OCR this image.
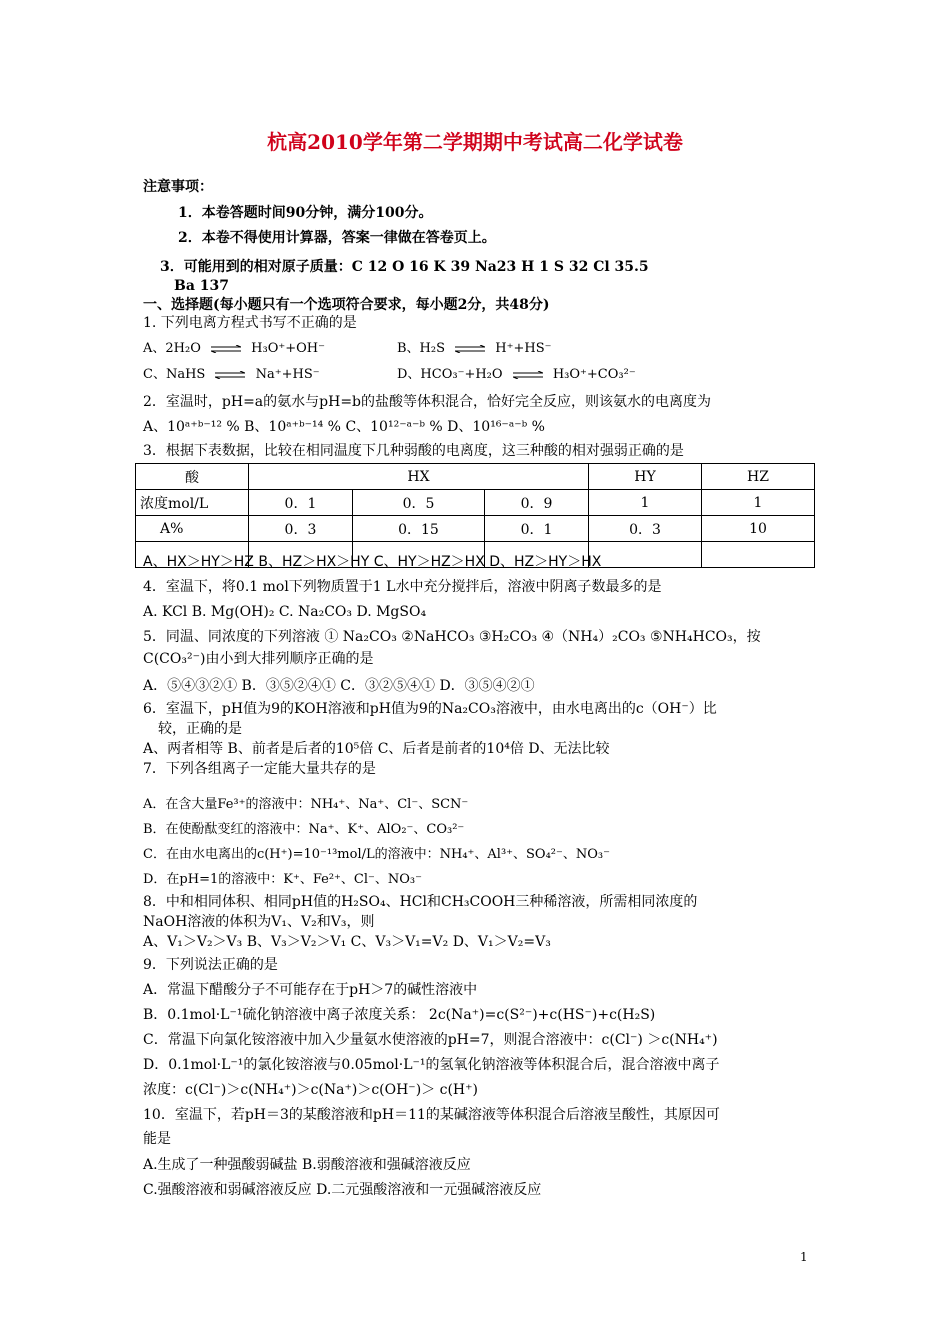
杭高2010学年第二学期期中考试高二化学试卷
注意事项：
1．本卷答题时间90分钟，满分100分。
2．本卷不得使用计算器，答案一律做在答卷页上。
3．可能用到的相对原子质量：C 12 O 16 K 39 Na23 H 1 S 32 Cl 35.5
Ba 137
一、选择题(每小题只有一个选项符合要求，每小题2分，共48分)
1. 下列电离方程式书写不正确的是
A、2H₂O ⇌ H₃O⁺+OH⁻	B、H₂S ⇌ H⁺+HS⁻
C、NaHS ⇌ Na⁺+HS⁻	D、HCO₃⁻+H₂O ⇌ H₃O⁺+CO₃²⁻
2．室温时，pH=a的氨水与pH=b的盐酸等体积混合，恰好完全反应，则该氨水的电离度为
A、10ᵃ⁺ᵇ⁻¹² % B、10ᵃ⁺ᵇ⁻¹⁴ % C、10¹²⁻ᵃ⁻ᵇ % D、10¹⁶⁻ᵃ⁻ᵇ %
3．根据下表数据，比较在相同温度下几种弱酸的电离度，这三种酸的相对强弱正确的是
酸	HX			HY	HZ
浓度mol/L	0．1	0．5	0．9	1	1
A%	0．3	0．15	0．1	0．3	10

A、HX＞HY＞HZ B、HZ＞HX＞HY C、HY＞HZ＞HX D、HZ＞HY＞HX
4．室温下，将0.1 mol下列物质置于1 L水中充分搅拌后，溶液中阴离子数最多的是
A. KCl B. Mg(OH)₂ C. Na₂CO₃ D. MgSO₄
5．同温、同浓度的下列溶液 ① Na₂CO₃ ②NaHCO₃ ③H₂CO₃ ④（NH₄）₂CO₃ ⑤NH₄HCO₃，按
C(CO₃²⁻)由小到大排列顺序正确的是
A．⑤④③②① B．③⑤②④① C．③②⑤④① D．③⑤④②①
6．室温下，pH值为9的KOH溶液和pH值为9的Na₂CO₃溶液中，由水电离出的c（OH⁻）比
较，正确的是
A、两者相等 B、前者是后者的10⁵倍 C、后者是前者的10⁴倍 D、无法比较
7．下列各组离子一定能大量共存的是
A．在含大量Fe³⁺的溶液中：NH₄⁺、Na⁺、Cl⁻、SCN⁻
B．在使酚酞变红的溶液中：Na⁺、K⁺、AlO₂⁻、CO₃²⁻
C．在由水电离出的c(H⁺)=10⁻¹³mol/L的溶液中：NH₄⁺、Al³⁺、SO₄²⁻、NO₃⁻
D．在pH=1的溶液中：K⁺、Fe²⁺、Cl⁻、NO₃⁻
8．中和相同体积、相同pH值的H₂SO₄、HCl和CH₃COOH三种稀溶液，所需相同浓度的
NaOH溶液的体积为V₁、V₂和V₃，则
A、V₁＞V₂＞V₃ B、V₃＞V₂＞V₁ C、V₃＞V₁=V₂ D、V₁＞V₂=V₃
9．下列说法正确的是
A．常温下醋酸分子不可能存在于pH＞7的碱性溶液中
B．0.1mol·L⁻¹硫化钠溶液中离子浓度关系： 2c(Na⁺)=c(S²⁻)+c(HS⁻)+c(H₂S)
C．常温下向氯化铵溶液中加入少量氨水使溶液的pH=7，则混合溶液中：c(Cl⁻) ＞c(NH₄⁺)
D．0.1mol·L⁻¹的氯化铵溶液与0.05mol·L⁻¹的氢氧化钠溶液等体积混合后，混合溶液中离子
浓度：c(Cl⁻)＞c(NH₄⁺)＞c(Na⁺)＞c(OH⁻)＞ c(H⁺)
10．室温下，若pH＝3的某酸溶液和pH＝11的某碱溶液等体积混合后溶液呈酸性，其原因可
能是
A.生成了一种强酸弱碱盐 B.弱酸溶液和强碱溶液反应
C.强酸溶液和弱碱溶液反应 D.二元强酸溶液和一元强碱溶液反应
1
